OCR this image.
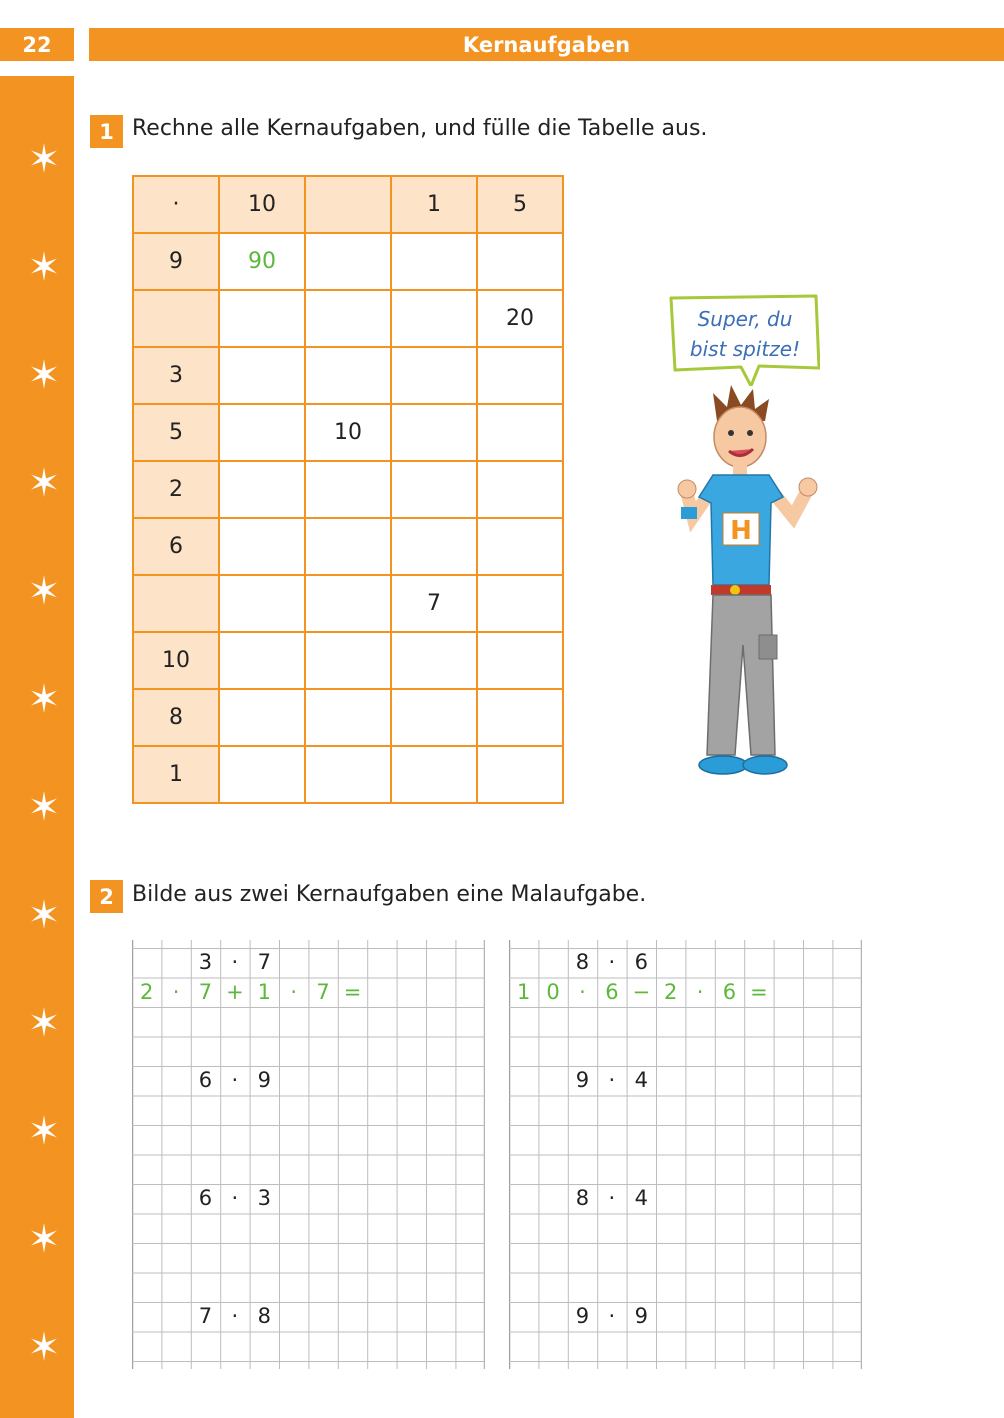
22	Kernaufgaben
1 Rechne alle Kernaufgaben, und fülle die Tabelle aus.
·	10		1	5
9	90			
				20
3				
5		10		
2				
6				
			7	
10				
8				
1				
Super, du
bist spitze!
H
2 Bilde aus zwei Kernaufgaben eine Malaufgabe.
3 · 7
6 · 9
6 · 3
7 · 8
2 · 7 + 1 · 7 =
8 · 6
9 · 4
8 · 4
9 · 9
1 0 · 6 − 2 · 6 =
